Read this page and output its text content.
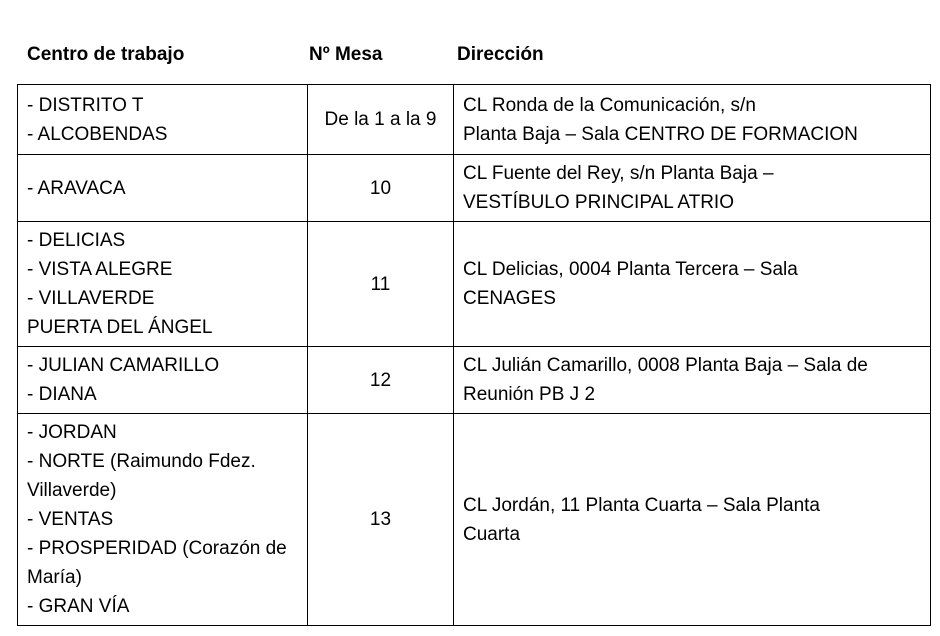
Centro de trabajo	Nº Mesa	Dirección
- DISTRITO T
- ALCOBENDAS	De la 1 a la 9	CL Ronda de la Comunicación, s/n
Planta Baja – Sala CENTRO DE FORMACION

- ARAVACA	10	CL Fuente del Rey, s/n Planta Baja –
VESTÍBULO PRINCIPAL ATRIO

- DELICIAS
- VISTA ALEGRE
- VILLAVERDE
PUERTA DEL ÁNGEL	11	CL Delicias, 0004 Planta Tercera – Sala
CENAGES

- JULIAN CAMARILLO
- DIANA	12	CL Julián Camarillo, 0008 Planta Baja – Sala de
Reunión PB J 2

- JORDAN
- NORTE (Raimundo Fdez. Villaverde)
- VENTAS
- PROSPERIDAD (Corazón de María)
- GRAN VÍA	13	CL Jordán, 11 Planta Cuarta – Sala Planta
Cuarta
